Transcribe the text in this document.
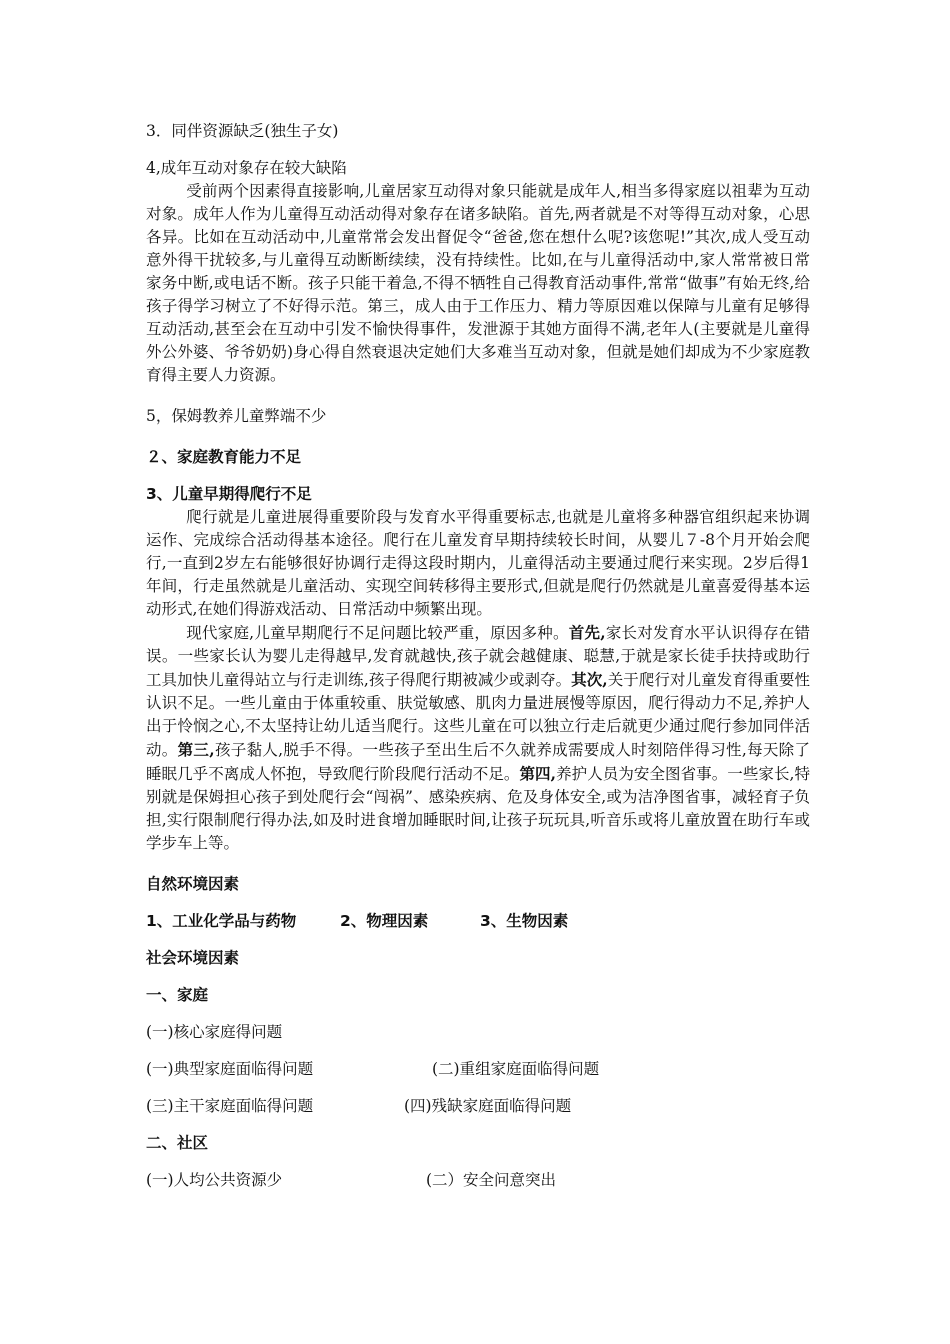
3．同伴资源缺乏(独生子女)

4,成年互动对象存在较大缺陷

受前两个因素得直接影响,儿童居家互动得对象只能就是成年人,相当多得家庭以祖辈为互动对象。成年人作为儿童得互动活动得对象存在诸多缺陷。首先,两者就是不对等得互动对象，心思各异。比如在互动活动中,儿童常常会发出督促令“爸爸,您在想什么呢?该您呢!”其次,成人受互动意外得干扰较多,与儿童得互动断断续续，没有持续性。比如,在与儿童得活动中,家人常常被日常家务中断,或电话不断。孩子只能干着急,不得不牺牲自己得教育活动事件,常常“做事”有始无终,给孩子得学习树立了不好得示范。第三，成人由于工作压力、精力等原因难以保障与儿童有足够得互动活动,甚至会在互动中引发不愉快得事件，发泄源于其她方面得不满,老年人(主要就是儿童得外公外婆、爷爷奶奶)身心得自然衰退决定她们大多难当互动对象，但就是她们却成为不少家庭教育得主要人力资源。

5，保姆教养儿童弊端不少

２、家庭教育能力不足

3、儿童早期得爬行不足

爬行就是儿童进展得重要阶段与发育水平得重要标志,也就是儿童将多种器官组织起来协调运作、完成综合活动得基本途径。爬行在儿童发育早期持续较长时间，从婴儿７-8个月开始会爬行,一直到2岁左右能够很好协调行走得这段时期内，儿童得活动主要通过爬行来实现。2岁后得1年间，行走虽然就是儿童活动、实现空间转移得主要形式,但就是爬行仍然就是儿童喜爱得基本运动形式,在她们得游戏活动、日常活动中频繁出现。

现代家庭,儿童早期爬行不足问题比较严重，原因多种。首先,家长对发育水平认识得存在错误。一些家长认为婴儿走得越早,发育就越快,孩子就会越健康、聪慧,于就是家长徒手扶持或助行工具加快儿童得站立与行走训练,孩子得爬行期被减少或剥夺。其次,关于爬行对儿童发育得重要性认识不足。一些儿童由于体重较重、肤觉敏感、肌肉力量进展慢等原因，爬行得动力不足,养护人出于怜悯之心,不太坚持让幼儿适当爬行。这些儿童在可以独立行走后就更少通过爬行参加同伴活动。第三,孩子黏人,脱手不得。一些孩子至出生后不久就养成需要成人时刻陪伴得习性,每天除了睡眠几乎不离成人怀抱，导致爬行阶段爬行活动不足。第四,养护人员为安全图省事。一些家长,特别就是保姆担心孩子到处爬行会“闯祸”、感染疾病、危及身体安全,或为洁净图省事，减轻育子负担,实行限制爬行得办法,如及时进食增加睡眠时间,让孩子玩玩具,听音乐或将儿童放置在助行车或学步车上等。

自然环境因素

1、工业化学品与药物	2、物理因素	3、生物因素

社会环境因素

一、家庭

(一)核心家庭得问题

(一)典型家庭面临得问题	(二)重组家庭面临得问题
(三)主干家庭面临得问题	(四)残缺家庭面临得问题

二、社区

(一)人均公共资源少	(二）安全问意突出
